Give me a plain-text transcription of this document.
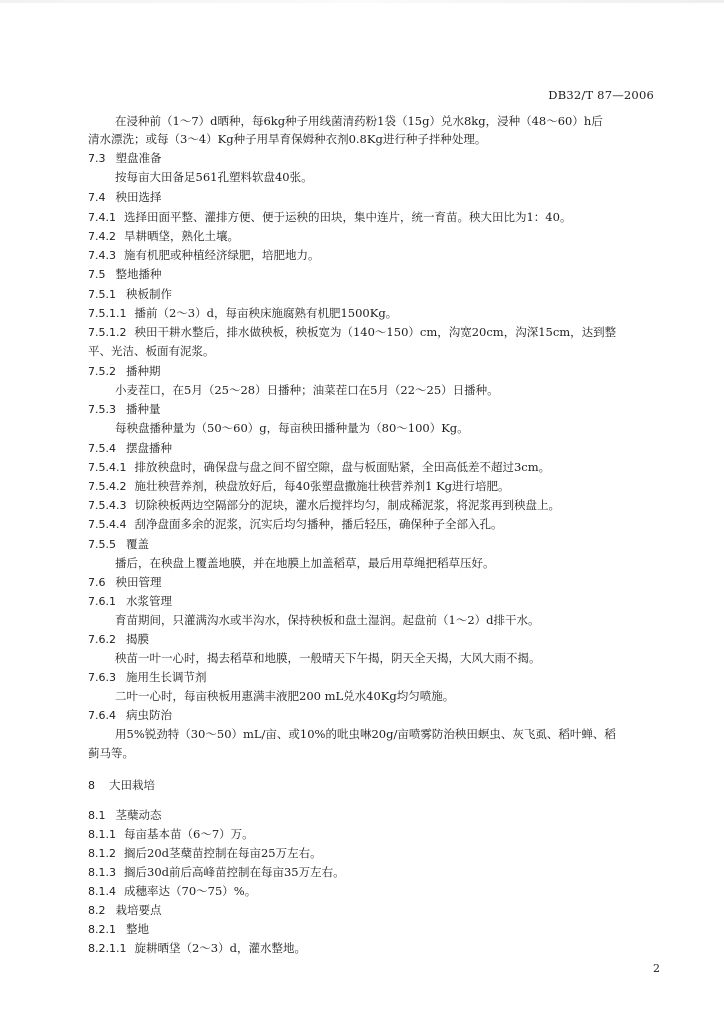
DB32/T 87—2006
在浸种前（1～7）d晒种，每6kg种子用线菌清药粉1袋（15g）兑水8kg，浸种（48～60）h后
清水漂洗；或每（3～4）Kg种子用旱育保姆种衣剂0.8Kg进行种子拌种处理。
7.3 塑盘准备
按每亩大田备足561孔塑料软盘40张。
7.4 秧田选择
7.4.1 选择田面平整、灌排方便、便于运秧的田块，集中连片，统一育苗。秧大田比为1：40。
7.4.2 旱耕晒垡，熟化土壤。
7.4.3 施有机肥或种植经济绿肥，培肥地力。
7.5 整地播种
7.5.1 秧板制作
7.5.1.1 播前（2～3）d，每亩秧床施腐熟有机肥1500Kg。
7.5.1.2 秧田干耕水整后，排水做秧板，秧板宽为（140～150）cm，沟宽20cm，沟深15cm，达到整
平、光洁、板面有泥浆。
7.5.2 播种期
小麦茬口，在5月（25～28）日播种；油菜茬口在5月（22～25）日播种。
7.5.3 播种量
每秧盘播种量为（50～60）g，每亩秧田播种量为（80～100）Kg。
7.5.4 摆盘播种
7.5.4.1 排放秧盘时，确保盘与盘之间不留空隙，盘与板面贴紧，全田高低差不超过3cm。
7.5.4.2 施壮秧营养剂，秧盘放好后，每40张塑盘撒施壮秧营养剂1 Kg进行培肥。
7.5.4.3 切除秧板两边空隔部分的泥块，灌水后搅拌均匀，制成稀泥浆，将泥浆再到秧盘上。
7.5.4.4 刮净盘面多余的泥浆，沉实后均匀播种，播后轻压，确保种子全部入孔。
7.5.5 覆盖
播后，在秧盘上覆盖地膜，并在地膜上加盖稻草，最后用草绳把稻草压好。
7.6 秧田管理
7.6.1 水浆管理
育苗期间，只灌满沟水或半沟水，保持秧板和盘土湿润。起盘前（1～2）d排干水。
7.6.2 揭膜
秧苗一叶一心时，揭去稻草和地膜，一般晴天下午揭，阴天全天揭，大风大雨不揭。
7.6.3 施用生长调节剂
二叶一心时，每亩秧板用惠满丰液肥200 mL兑水40Kg均匀喷施。
7.6.4 病虫防治
用5%锐劲特（30～50）mL/亩、或10%的吡虫啉20g/亩喷雾防治秧田螟虫、灰飞虱、稻叶蝉、稻
蓟马等。
8 大田栽培
8.1 茎蘖动态
8.1.1 每亩基本苗（6～7）万。
8.1.2 搁后20d茎蘖苗控制在每亩25万左右。
8.1.3 搁后30d前后高峰苗控制在每亩35万左右。
8.1.4 成穗率达（70～75）%。
8.2 栽培要点
8.2.1 整地
8.2.1.1 旋耕晒垡（2～3）d，灌水整地。
2
